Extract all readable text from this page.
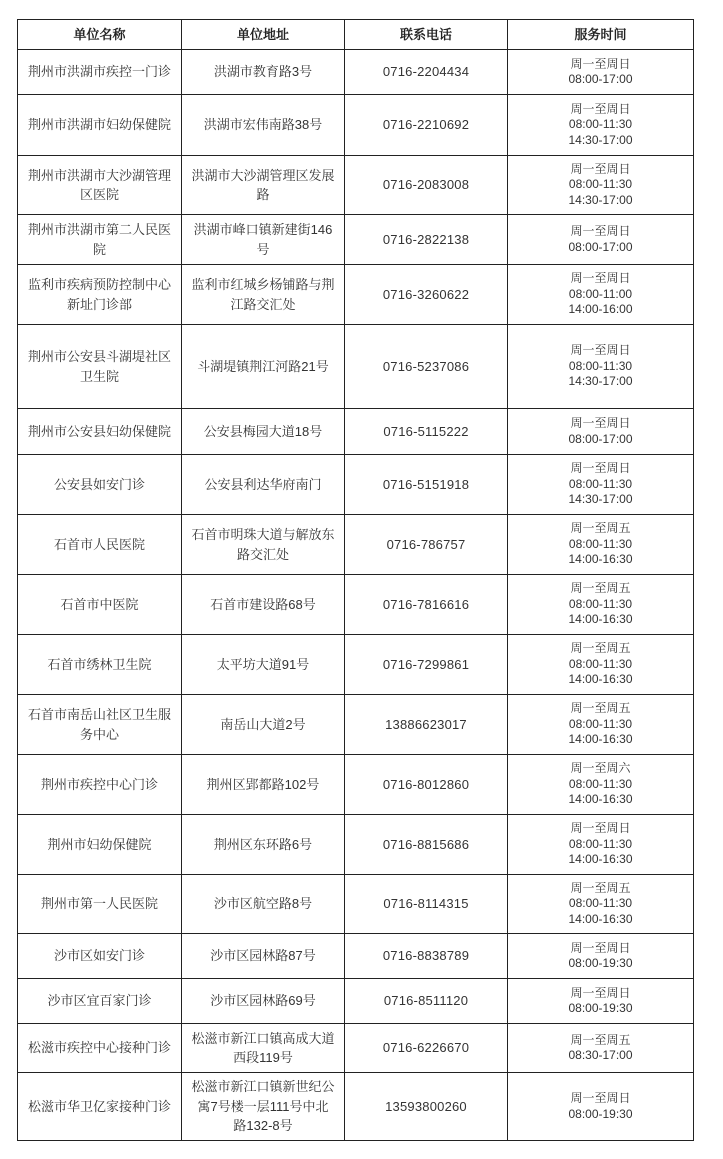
单位名称	单位地址	联系电话	服务时间

荆州市洪湖市疾控一门诊	洪湖市教育路3号	0716-2204434	周一至周日
08:00-17:00

荆州市洪湖市妇幼保健院	洪湖市宏伟南路38号	0716-2210692	周一至周日
08:00-11:30
14:30-17:00

荆州市洪湖市大沙湖管理
区医院	洪湖市大沙湖管理区发展
路	0716-2083008	周一至周日
08:00-11:30
14:30-17:00

荆州市洪湖市第二人民医
院	洪湖市峰口镇新建街146
号	0716-2822138	周一至周日
08:00-17:00

监利市疾病预防控制中心
新址门诊部	监利市红城乡杨铺路与荆
江路交汇处	0716-3260622	周一至周日
08:00-11:00
14:00-16:00

荆州市公安县斗湖堤社区
卫生院	斗湖堤镇荆江河路21号	0716-5237086	周一至周日
08:00-11:30
14:30-17:00

荆州市公安县妇幼保健院	公安县梅园大道18号	0716-5115222	周一至周日
08:00-17:00

公安县如安门诊	公安县利达华府南门	0716-5151918	周一至周日
08:00-11:30
14:30-17:00

石首市人民医院	石首市明珠大道与解放东
路交汇处	0716-786757	周一至周五
08:00-11:30
14:00-16:30

石首市中医院	石首市建设路68号	0716-7816616	周一至周五
08:00-11:30
14:00-16:30

石首市绣林卫生院	太平坊大道91号	0716-7299861	周一至周五
08:00-11:30
14:00-16:30

石首市南岳山社区卫生服
务中心	南岳山大道2号	13886623017	周一至周五
08:00-11:30
14:00-16:30

荆州市疾控中心门诊	荆州区郢都路102号	0716-8012860	周一至周六
08:00-11:30
14:00-16:30

荆州市妇幼保健院	荆州区东环路6号	0716-8815686	周一至周日
08:00-11:30
14:00-16:30

荆州市第一人民医院	沙市区航空路8号	0716-8114315	周一至周五
08:00-11:30
14:00-16:30

沙市区如安门诊	沙市区园林路87号	0716-8838789	周一至周日
08:00-19:30

沙市区宜百家门诊	沙市区园林路69号	0716-8511120	周一至周日
08:00-19:30

松滋市疾控中心接种门诊	松滋市新江口镇高成大道
西段119号	0716-6226670	周一至周五
08:30-17:00

松滋市华卫亿家接种门诊	松滋市新江口镇新世纪公
寓7号楼一层111号中北
路132-8号	13593800260	周一至周日
08:00-19:30
